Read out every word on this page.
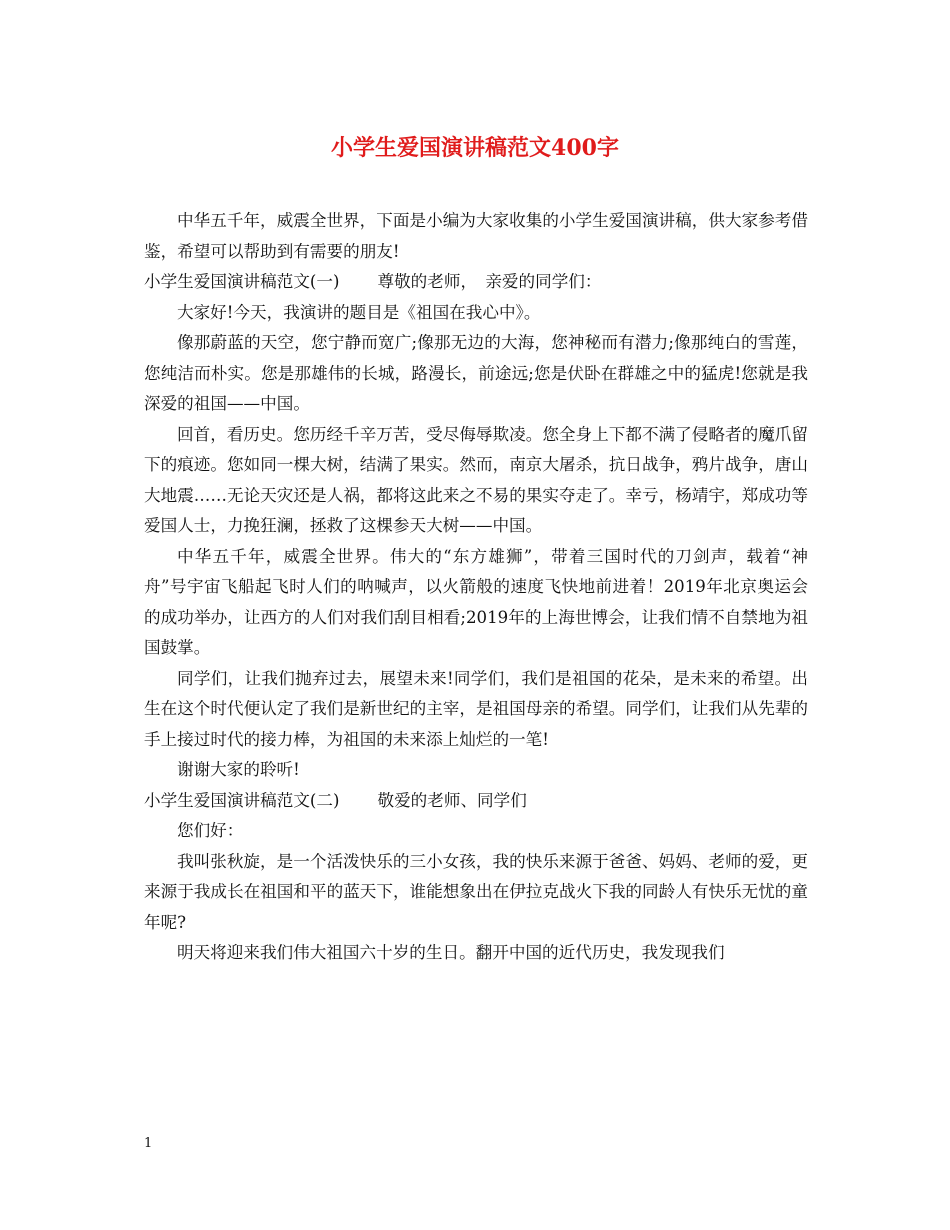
小学生爱国演讲稿范文400字

中华五千年，威震全世界，下面是小编为大家收集的小学生爱国演讲稿，供大家参考借鉴，希望可以帮助到有需要的朋友!

小学生爱国演讲稿范文(一) 尊敬的老师，　亲爱的同学们：

大家好!今天，我演讲的题目是《祖国在我心中》。

像那蔚蓝的天空，您宁静而宽广;像那无边的大海，您神秘而有潜力;像那纯白的雪莲，您纯洁而朴实。您是那雄伟的长城，路漫长，前途远;您是伏卧在群雄之中的猛虎!您就是我深爱的祖国——中国。

回首，看历史。您历经千辛万苦，受尽侮辱欺凌。您全身上下都不满了侵略者的魔爪留下的痕迹。您如同一棵大树，结满了果实。然而，南京大屠杀，抗日战争，鸦片战争，唐山大地震……无论天灾还是人祸，都将这此来之不易的果实夺走了。幸亏，杨靖宇，郑成功等爱国人士，力挽狂澜，拯救了这棵参天大树——中国。

中华五千年，威震全世界。伟大的“东方雄狮”，带着三国时代的刀剑声，载着“神舟”号宇宙飞船起飞时人们的呐喊声，以火箭般的速度飞快地前进着！2019年北京奥运会的成功举办，让西方的人们对我们刮目相看;2019年的上海世博会，让我们情不自禁地为祖国鼓掌。

同学们，让我们抛弃过去，展望未来!同学们，我们是祖国的花朵，是未来的希望。出生在这个时代便认定了我们是新世纪的主宰，是祖国母亲的希望。同学们，让我们从先辈的手上接过时代的接力棒，为祖国的未来添上灿烂的一笔!

谢谢大家的聆听!

小学生爱国演讲稿范文(二) 敬爱的老师、同学们

您们好：

我叫张秋旋，是一个活泼快乐的三小女孩，我的快乐来源于爸爸、妈妈、老师的爱，更来源于我成长在祖国和平的蓝天下，谁能想象出在伊拉克战火下我的同龄人有快乐无忧的童年呢?

明天将迎来我们伟大祖国六十岁的生日。翻开中国的近代历史，我发现我们

1
